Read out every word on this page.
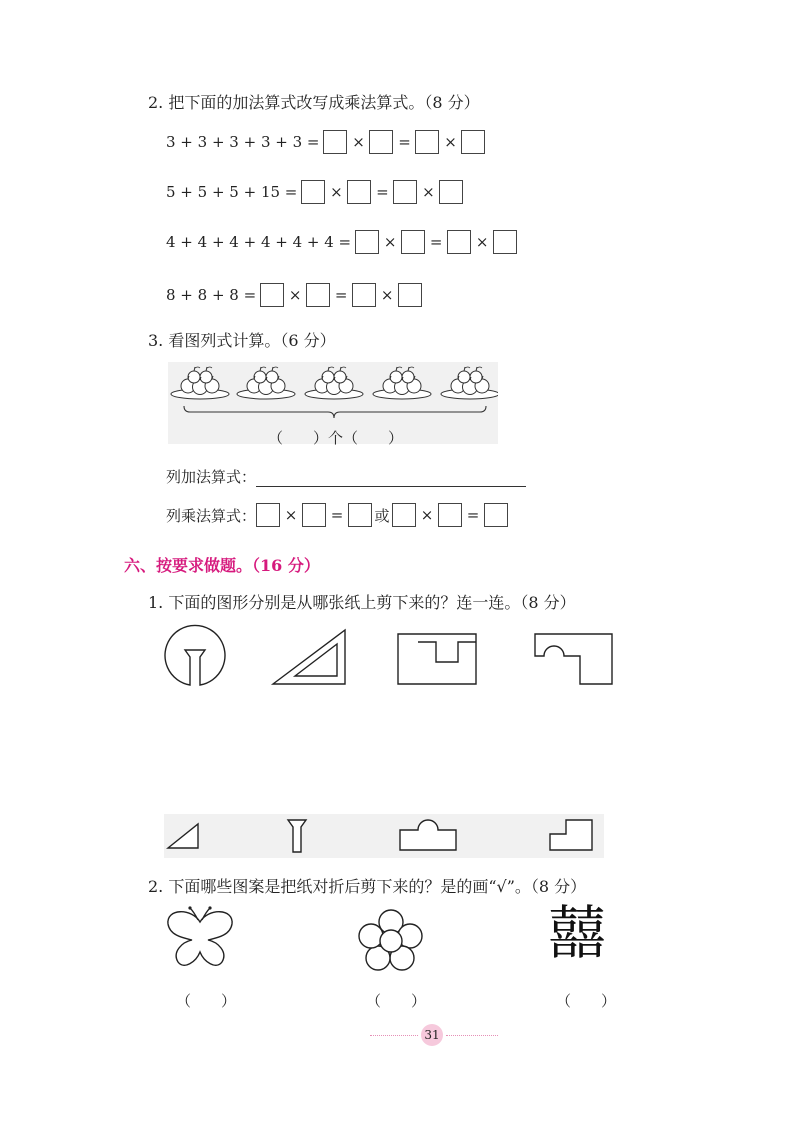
2. 把下面的加法算式改写成乘法算式。（8 分）
3 + 3 + 3 + 3 + 3 =	×	=	×
5 + 5 + 5 + 15 =	×	=	×
4 + 4 + 4 + 4 + 4 + 4 =	×	=	×
8 + 8 + 8 =	×	=	×
3. 看图列式计算。（6 分）
（　　）个（　　）
列加法算式：
列乘法算式：	×	=	或	×	=
六、按要求做题。（16 分）
1. 下面的图形分别是从哪张纸上剪下来的？连一连。（8 分）
2. 下面哪些图案是把纸对折后剪下来的？是的画“√”。（8 分）
囍
（　　）	（　　）	（　　）
31
